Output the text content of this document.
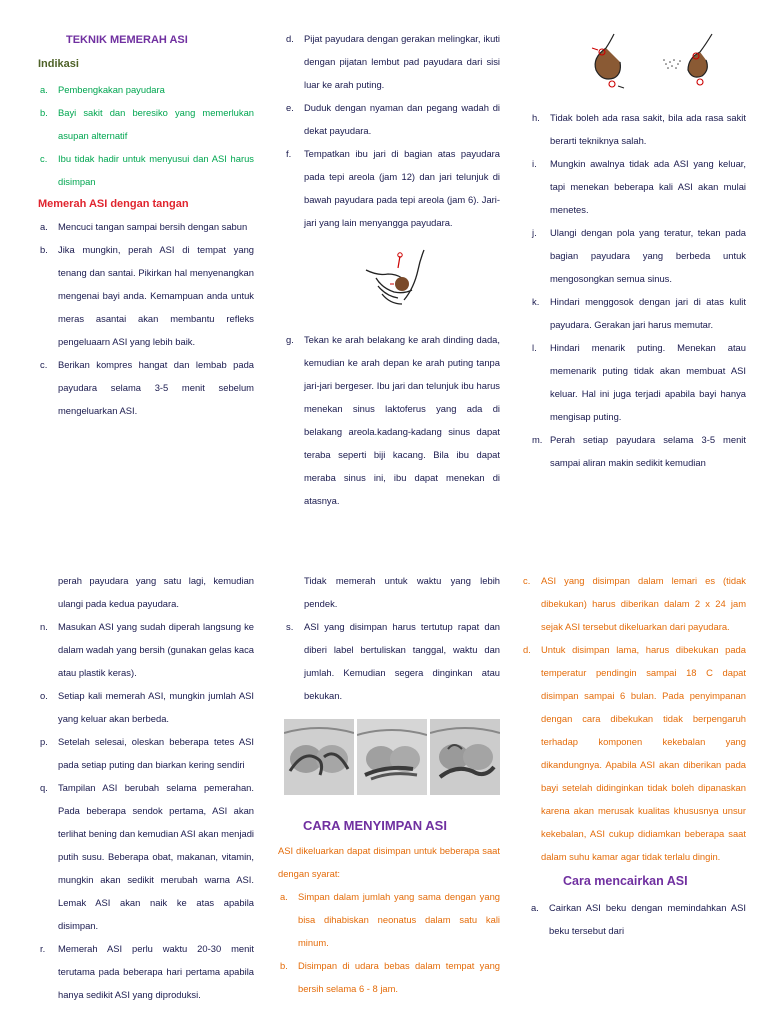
TEKNIK MEMERAH ASI
Indikasi
a. Pembengkakan payudara
b. Bayi sakit dan beresiko yang memerlukan asupan alternatif
c. Ibu tidak hadir untuk menyusui dan ASI harus disimpan
Memerah ASI dengan tangan
a. Mencuci tangan sampai bersih dengan sabun
b. Jika mungkin, perah ASI di tempat yang tenang dan santai. Pikirkan hal menyenangkan mengenai bayi anda. Kemampuan anda untuk meras asantai akan membantu refleks pengeluaarn ASI yang lebih baik.
c. Berikan kompres hangat dan lembab pada payudara selama 3-5 menit sebelum mengeluarkan ASI.
d. Pijat payudara dengan gerakan melingkar, ikuti dengan pijatan lembut pad payudara dari sisi luar ke arah puting.
e. Duduk dengan nyaman dan pegang wadah di dekat payudara.
f. Tempatkan ibu jari di bagian atas payudara pada tepi areola (jam 12) dan jari telunjuk di bawah payudara pada tepi areola (jam 6). Jari-jari yang lain menyangga payudara.
g. Tekan ke arah belakang ke arah dinding dada, kemudian ke arah depan ke arah puting tanpa jari-jari bergeser. Ibu jari dan telunjuk ibu harus menekan sinus laktoferus yang ada di belakang areola.kadang-kadang sinus dapat teraba seperti biji kacang. Bila ibu dapat meraba sinus ini, ibu dapat menekan di atasnya.
h. Tidak boleh ada rasa sakit, bila ada rasa sakit berarti tekniknya salah.
i. Mungkin awalnya tidak ada ASI yang keluar, tapi menekan beberapa kali ASI akan mulai menetes.
j. Ulangi dengan pola yang teratur, tekan pada bagian payudara yang berbeda untuk mengosongkan semua sinus.
k. Hindari menggosok dengan jari di atas kulit payudara. Gerakan jari harus memutar.
l. Hindari menarik puting. Menekan atau memenarik puting tidak akan membuat ASI keluar. Hal ini juga terjadi apabila bayi hanya mengisap puting.
m. Perah setiap payudara selama 3-5 menit sampai aliran makin sedikit kemudian
perah payudara yang satu lagi, kemudian ulangi pada kedua payudara.
n. Masukan ASI yang sudah diperah langsung ke dalam wadah yang bersih (gunakan gelas kaca atau plastik keras).
o. Setiap kali memerah ASI, mungkin jumlah ASI yang keluar akan berbeda.
p. Setelah selesai, oleskan beberapa tetes ASI pada setiap puting dan biarkan kering sendiri
q. Tampilan ASI berubah selama pemerahan. Pada beberapa sendok pertama, ASI akan terlihat bening dan kemudian ASI akan menjadi putih susu. Beberapa obat, makanan, vitamin, mungkin akan sedikit merubah warna ASI. Lemak ASI akan naik ke atas apabila disimpan.
r. Memerah ASI perlu waktu 20-30 menit terutama pada beberapa hari pertama apabila hanya sedikit ASI yang diproduksi.
Tidak memerah untuk waktu yang lebih pendek.
s. ASI yang disimpan harus tertutup rapat dan diberi label bertuliskan tanggal, waktu dan jumlah. Kemudian segera dinginkan atau bekukan.
CARA MENYIMPAN ASI
ASI dikeluarkan dapat disimpan untuk beberapa saat dengan syarat:
a. Simpan dalam jumlah yang sama dengan yang bisa dihabiskan neonatus dalam satu kali minum.
b. Disimpan di udara bebas dalam tempat yang bersih selama 6 - 8 jam.
c. ASI yang disimpan dalam lemari es (tidak dibekukan) harus diberikan dalam 2 x 24 jam sejak ASI tersebut dikeluarkan dari payudara.
d. Untuk disimpan lama, harus dibekukan pada temperatur pendingin sampai 18 C dapat disimpan sampai 6 bulan. Pada penyimpanan dengan cara dibekukan tidak berpengaruh terhadap komponen kekebalan yang dikandungnya. Apabila ASI akan diberikan pada bayi setelah didinginkan tidak boleh dipanaskan karena akan merusak kualitas khususnya unsur kekebalan, ASI cukup didiamkan beberapa saat dalam suhu kamar agar tidak terlalu dingin.
Cara mencairkan ASI
a. Cairkan ASI beku dengan memindahkan ASI beku tersebut dari
